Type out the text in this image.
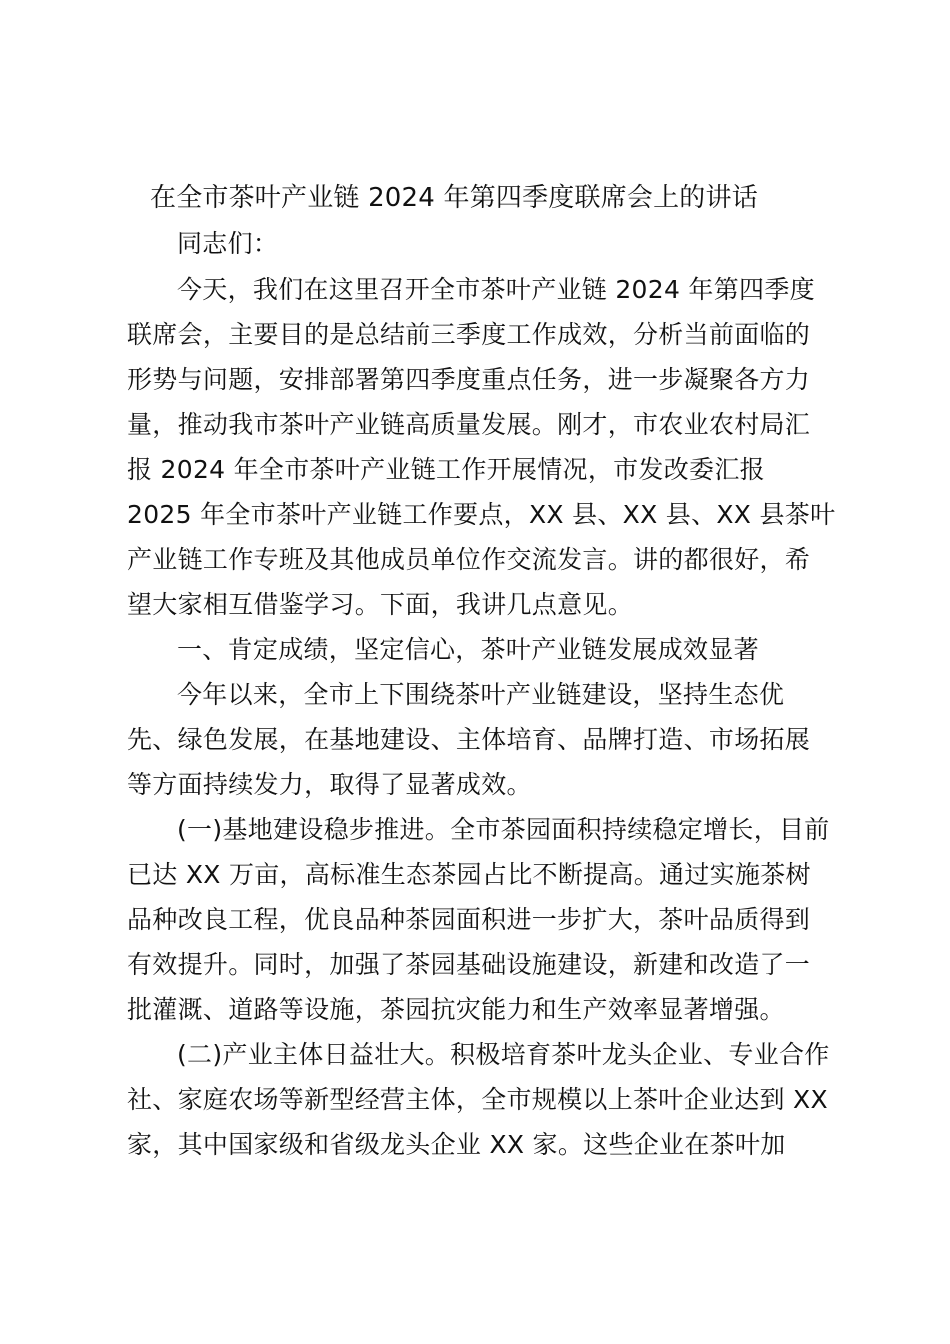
在全市茶叶产业链 2024 年第四季度联席会上的讲话
同志们：
今天，我们在这里召开全市茶叶产业链 2024 年第四季度
联席会，主要目的是总结前三季度工作成效，分析当前面临的
形势与问题，安排部署第四季度重点任务，进一步凝聚各方力
量，推动我市茶叶产业链高质量发展。刚才，市农业农村局汇
报 2024 年全市茶叶产业链工作开展情况，市发改委汇报
2025 年全市茶叶产业链工作要点，XX 县、XX 县、XX 县茶叶
产业链工作专班及其他成员单位作交流发言。讲的都很好，希
望大家相互借鉴学习。下面，我讲几点意见。
一、肯定成绩，坚定信心，茶叶产业链发展成效显著
今年以来，全市上下围绕茶叶产业链建设，坚持生态优
先、绿色发展，在基地建设、主体培育、品牌打造、市场拓展
等方面持续发力，取得了显著成效。
(一)基地建设稳步推进。全市茶园面积持续稳定增长，目前
已达 XX 万亩，高标准生态茶园占比不断提高。通过实施茶树
品种改良工程，优良品种茶园面积进一步扩大，茶叶品质得到
有效提升。同时，加强了茶园基础设施建设，新建和改造了一
批灌溉、道路等设施，茶园抗灾能力和生产效率显著增强。
(二)产业主体日益壮大。积极培育茶叶龙头企业、专业合作
社、家庭农场等新型经营主体，全市规模以上茶叶企业达到 XX
家，其中国家级和省级龙头企业 XX 家。这些企业在茶叶加
